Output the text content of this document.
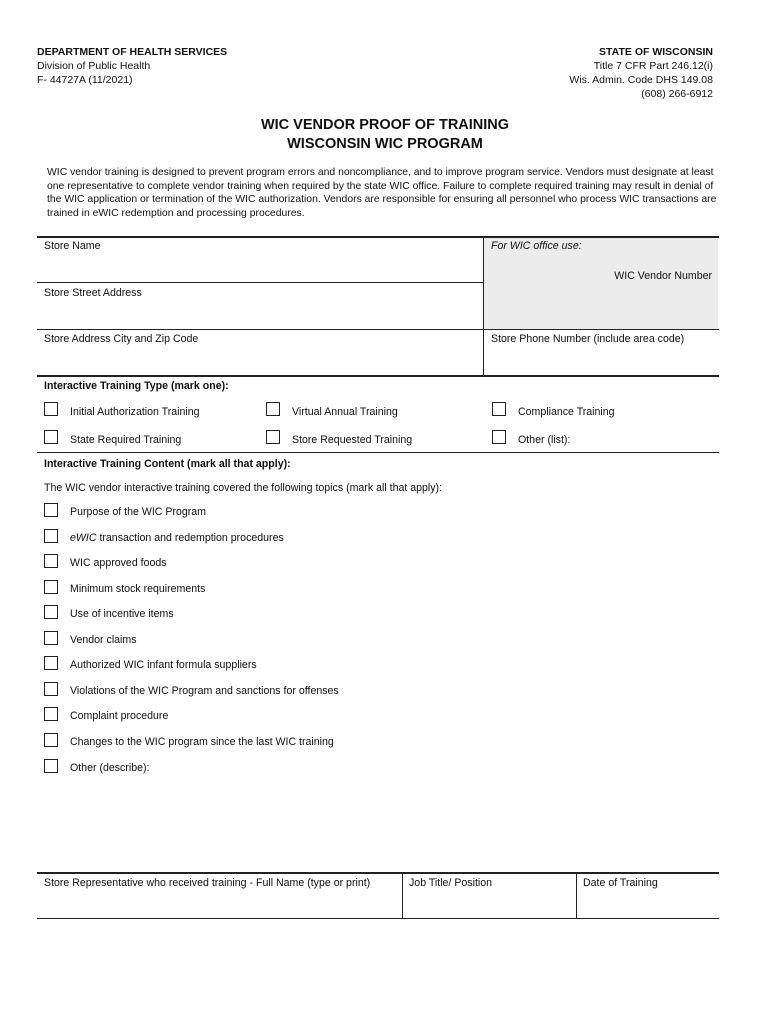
DEPARTMENT OF HEALTH SERVICES
Division of Public Health
F- 44727A (11/2021)
STATE OF WISCONSIN
Title 7 CFR Part 246.12(i)
Wis. Admin. Code DHS 149.08
(608) 266-6912
WIC VENDOR PROOF OF TRAINING
WISCONSIN WIC PROGRAM
WIC vendor training is designed to prevent program errors and noncompliance, and to improve program service. Vendors must designate at least one representative to complete vendor training when required by the state WIC office. Failure to complete required training may result in denial of the WIC application or termination of the WIC authorization. Vendors are responsible for ensuring all personnel who process WIC transactions are trained in eWIC redemption and processing procedures.
Store Name	For WIC office use:
WIC Vendor Number
Store Street Address
Store Address City and Zip Code	Store Phone Number (include area code)
Interactive Training Type (mark one):
Initial Authorization Training	Virtual Annual Training	Compliance Training
State Required Training	Store Requested Training	Other (list):
Interactive Training Content (mark all that apply):
The WIC vendor interactive training covered the following topics (mark all that apply):
Purpose of the WIC Program
eWIC transaction and redemption procedures
WIC approved foods
Minimum stock requirements
Use of incentive items
Vendor claims
Authorized WIC infant formula suppliers
Violations of the WIC Program and sanctions for offenses
Complaint procedure
Changes to the WIC program since the last WIC training
Other (describe):
Store Representative who received training - Full Name (type or print)	Job Title/ Position	Date of Training
